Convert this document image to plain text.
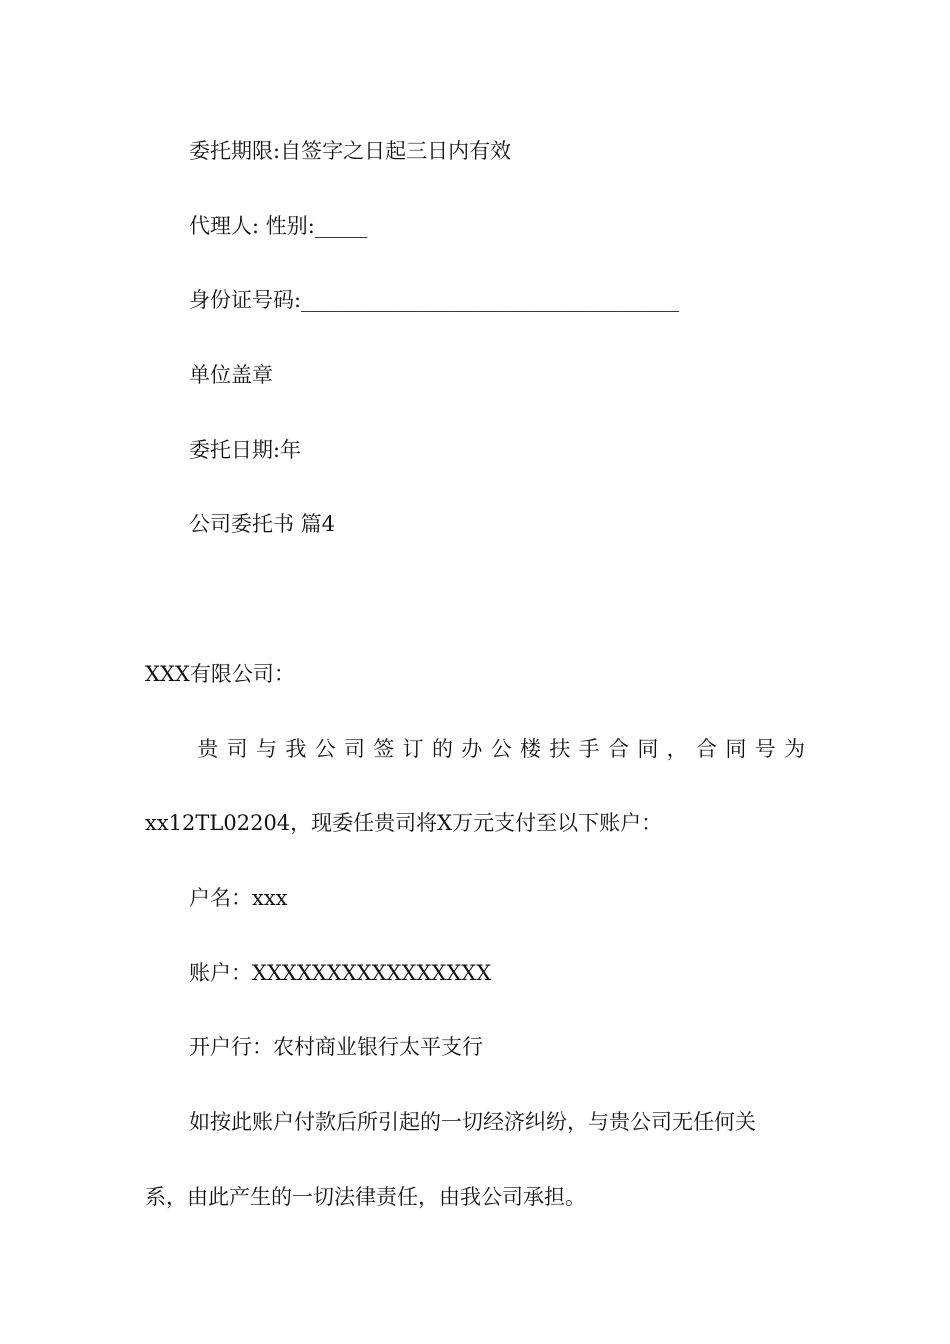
委托期限:自签字之日起三日内有效
代理人: 性别:_____
身份证号码:____________________________________
单位盖章
委托日期:年
公司委托书 篇4
XXX有限公司：
贵司与我公司签订的办公楼扶手合同，合同号为
xx12TL02204，现委任贵司将X万元支付至以下账户：
户名：xxx
账户：XXXXXXXXXXXXXXXX
开户行：农村商业银行太平支行
如按此账户付款后所引起的一切经济纠纷，与贵公司无任何关
系，由此产生的一切法律责任，由我公司承担。
